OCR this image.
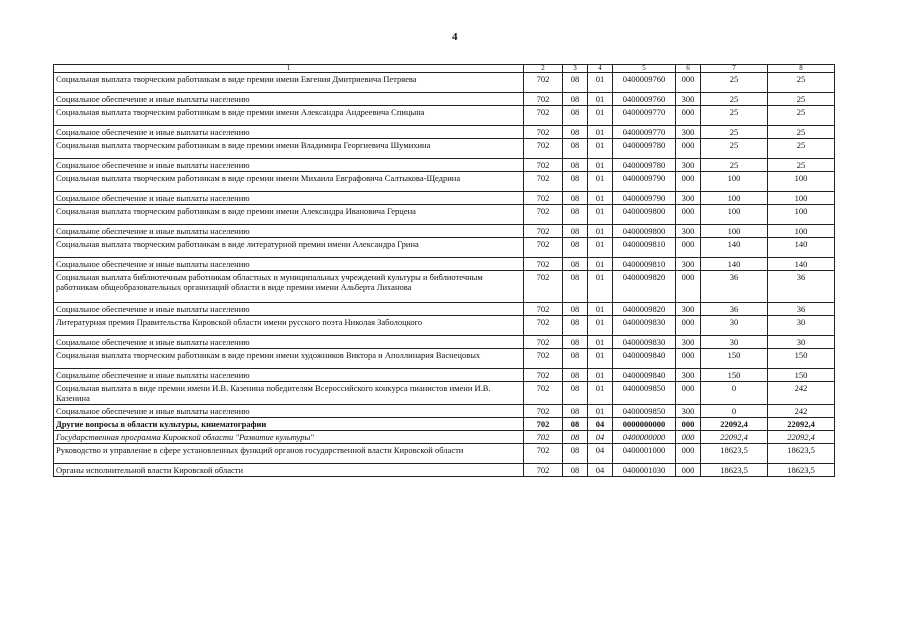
4
1	2	3	4	5	6	7	8
Социальная выплата творческим работникам в виде премии имени Евгения Дмитриевича Петряева	702	08	01	0400009760	000	25	25
Социальное обеспечение и иные выплаты населению	702	08	01	0400009760	300	25	25
Социальная выплата творческим работникам в виде премии имени Александра Андреевича Спицына	702	08	01	0400009770	000	25	25
Социальное обеспечение и иные выплаты населению	702	08	01	0400009770	300	25	25
Социальная выплата творческим работникам в виде премии имени Владимира Георгиевича Шумихина	702	08	01	0400009780	000	25	25
Социальное обеспечение и иные выплаты населению	702	08	01	0400009780	300	25	25
Социальная выплата творческим работникам в виде премии имени Михаила Евграфовича Салтыкова-Щедрина	702	08	01	0400009790	000	100	100
Социальное обеспечение и иные выплаты населению	702	08	01	0400009790	300	100	100
Социальная выплата творческим работникам в виде премии имени Александра Ивановича Герцена	702	08	01	0400009800	000	100	100
Социальное обеспечение и иные выплаты населению	702	08	01	0400009800	300	100	100
Социальная выплата творческим работникам в виде литературной премии имени Александра Грина	702	08	01	0400009810	000	140	140
Социальное обеспечение и иные выплаты населению	702	08	01	0400009810	300	140	140
Социальная выплата библиотечным работникам областных и муниципальных учреждений культуры и библиотечным работникам общеобразовательных организаций области в виде премии имени Альберта Лиханова	702	08	01	0400009820	000	36	36
Социальное обеспечение и иные выплаты населению	702	08	01	0400009820	300	36	36
Литературная премия Правительства Кировской области имени русского поэта Николая Заболоцкого	702	08	01	0400009830	000	30	30
Социальное обеспечение и иные выплаты населению	702	08	01	0400009830	300	30	30
Социальная выплата творческим работникам в виде премии имени художников Виктора и Аполлинария Васнецовых	702	08	01	0400009840	000	150	150
Социальное обеспечение и иные выплаты населению	702	08	01	0400009840	300	150	150
Социальная выплата в виде премии имени И.В. Казенина победителям Всероссийского конкурса пианистов имени И.В. Казенина	702	08	01	0400009850	000	0	242
Социальное обеспечение и иные выплаты населению	702	08	01	0400009850	300	0	242
Другие вопросы в области культуры, кинематографии	702	08	04	0000000000	000	22092,4	22092,4
Государственная программа Кировской области "Развитие культуры"	702	08	04	0400000000	000	22092,4	22092,4
Руководство и управление в сфере установленных функций органов государственной власти Кировской области	702	08	04	0400001000	000	18623,5	18623,5
Органы исполнительной власти Кировской области	702	08	04	0400001030	000	18623,5	18623,5
